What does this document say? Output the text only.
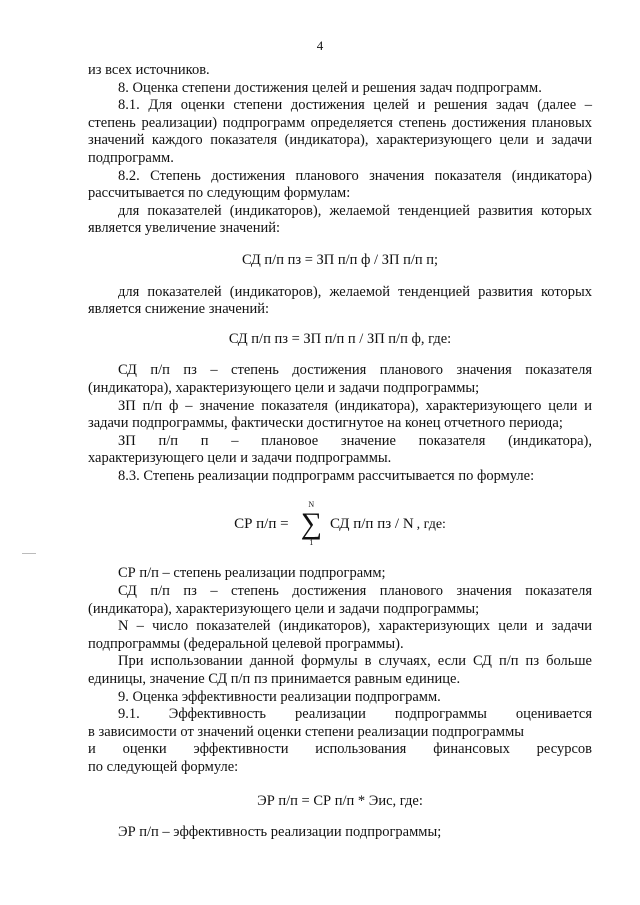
4

из всех источников.

8. Оценка степени достижения целей и решения задач подпрограмм.

8.1. Для оценки степени достижения целей и решения задач (далее – степень реализации) подпрограмм определяется степень достижения плановых значений каждого показателя (индикатора), характеризующего цели и задачи подпрограмм.

8.2. Степень достижения планового значения показателя (индикатора) рассчитывается по следующим формулам:

для показателей (индикаторов), желаемой тенденцией развития которых является увеличение значений:

СД п/п пз = ЗП п/п ф / ЗП п/п п;

для показателей (индикаторов), желаемой тенденцией развития которых является снижение значений:

СД п/п пз = ЗП п/п п / ЗП п/п ф, где:

СД п/п пз – степень достижения планового значения показателя (индикатора), характеризующего цели и задачи подпрограммы;

ЗП п/п ф – значение показателя (индикатора), характеризующего цели и задачи подпрограммы, фактически достигнутое на конец отчетного периода;

ЗП п/п п – плановое значение показателя (индикатора),

характеризующего цели и задачи подпрограммы.

8.3. Степень реализации подпрограмм рассчитывается по формуле:

СР п/п =
N
∑
1
СД п/п пз / N , где:

СР п/п – степень реализации подпрограмм;

СД п/п пз – степень достижения планового значения показателя (индикатора), характеризующего цели и задачи подпрограммы;

N – число показателей (индикаторов), характеризующих цели и задачи подпрограммы (федеральной целевой программы).

При использовании данной формулы в случаях, если СД п/п пз больше единицы, значение СД п/п пз принимается равным единице.

9. Оценка эффективности реализации подпрограмм.

9.1. Эффективность реализации подпрограммы оценивается

в зависимости от значений оценки степени реализации подпрограммы

и оценки эффективности использования финансовых ресурсов

по следующей формуле:

ЭР п/п = СР п/п * Эис, где:

ЭР п/п – эффективность реализации подпрограммы;
